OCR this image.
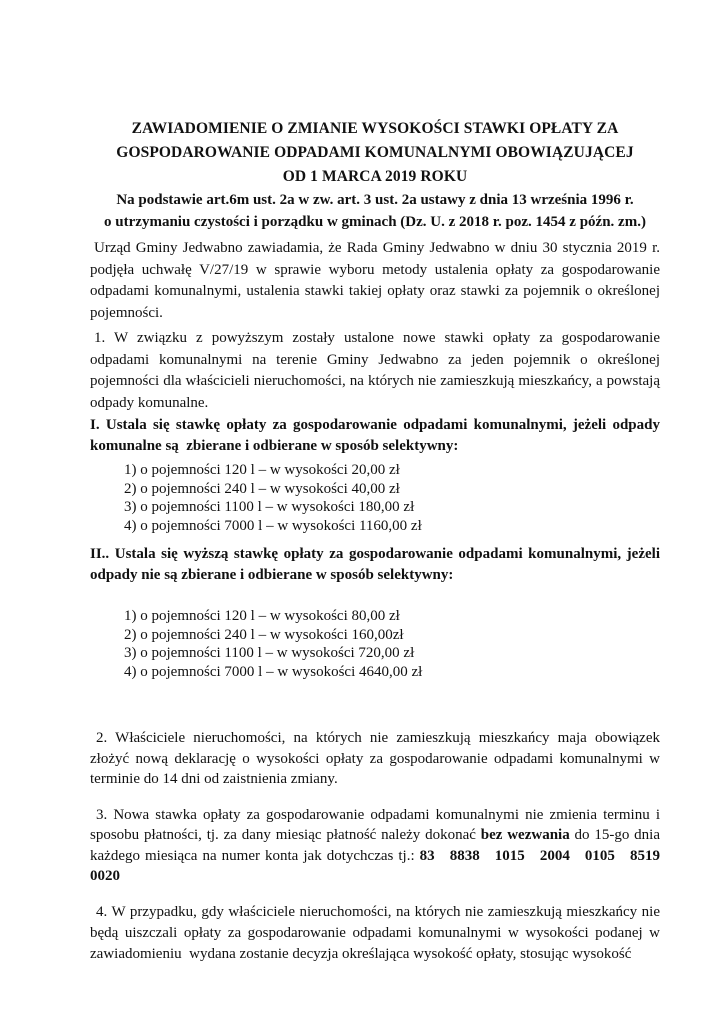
ZAWIADOMIENIE O ZMIANIE WYSOKOŚCI STAWKI OPŁATY ZA
GOSPODAROWANIE ODPADAMI KOMUNALNYMI OBOWIĄZUJĄCEJ
OD 1 MARCA 2019 ROKU
Na podstawie art.6m ust. 2a w zw. art. 3 ust. 2a ustawy z dnia 13 września 1996 r.
o utrzymaniu czystości i porządku w gminach (Dz. U. z 2018 r. poz. 1454 z późn. zm.)

Urząd Gminy Jedwabno zawiadamia, że Rada Gminy Jedwabno w dniu 30 stycznia 2019 r. podjęła uchwałę V/27/19 w sprawie wyboru metody ustalenia opłaty za gospodarowanie odpadami komunalnymi, ustalenia stawki takiej opłaty oraz stawki za pojemnik o określonej pojemności.

1. W związku z powyższym zostały ustalone nowe stawki opłaty za gospodarowanie odpadami komunalnymi na terenie Gminy Jedwabno za jeden pojemnik o określonej pojemności dla właścicieli nieruchomości, na których nie zamieszkują mieszkańcy, a powstają odpady komunalne.

I. Ustala się stawkę opłaty za gospodarowanie odpadami komunalnymi, jeżeli odpady komunalne są  zbierane i odbierane w sposób selektywny:

1) o pojemności 120 l – w wysokości 20,00 zł
2) o pojemności 240 l – w wysokości 40,00 zł
3) o pojemności 1100 l – w wysokości 180,00 zł
4) o pojemności 7000 l – w wysokości 1160,00 zł

II.. Ustala się wyższą stawkę opłaty za gospodarowanie odpadami komunalnymi, jeżeli odpady nie są zbierane i odbierane w sposób selektywny:

1) o pojemności 120 l – w wysokości 80,00 zł
2) o pojemności 240 l – w wysokości 160,00zł
3) o pojemności 1100 l – w wysokości 720,00 zł
4) o pojemności 7000 l – w wysokości 4640,00 zł

2. Właściciele nieruchomości, na których nie zamieszkują mieszkańcy maja obowiązek złożyć nową deklarację o wysokości opłaty za gospodarowanie odpadami komunalnymi w terminie do 14 dni od zaistnienia zmiany.

3. Nowa stawka opłaty za gospodarowanie odpadami komunalnymi nie zmienia terminu i sposobu płatności, tj. za dany miesiąc płatność należy dokonać bez wezwania do 15-go dnia każdego miesiąca na numer konta jak dotychczas tj.: 83   8838   1015   2004   0105   8519 0020

4. W przypadku, gdy właściciele nieruchomości, na których nie zamieszkują mieszkańcy nie będą uiszczali opłaty za gospodarowanie odpadami komunalnymi w wysokości podanej w zawiadomieniu  wydana zostanie decyzja określająca wysokość opłaty, stosując wysokość
